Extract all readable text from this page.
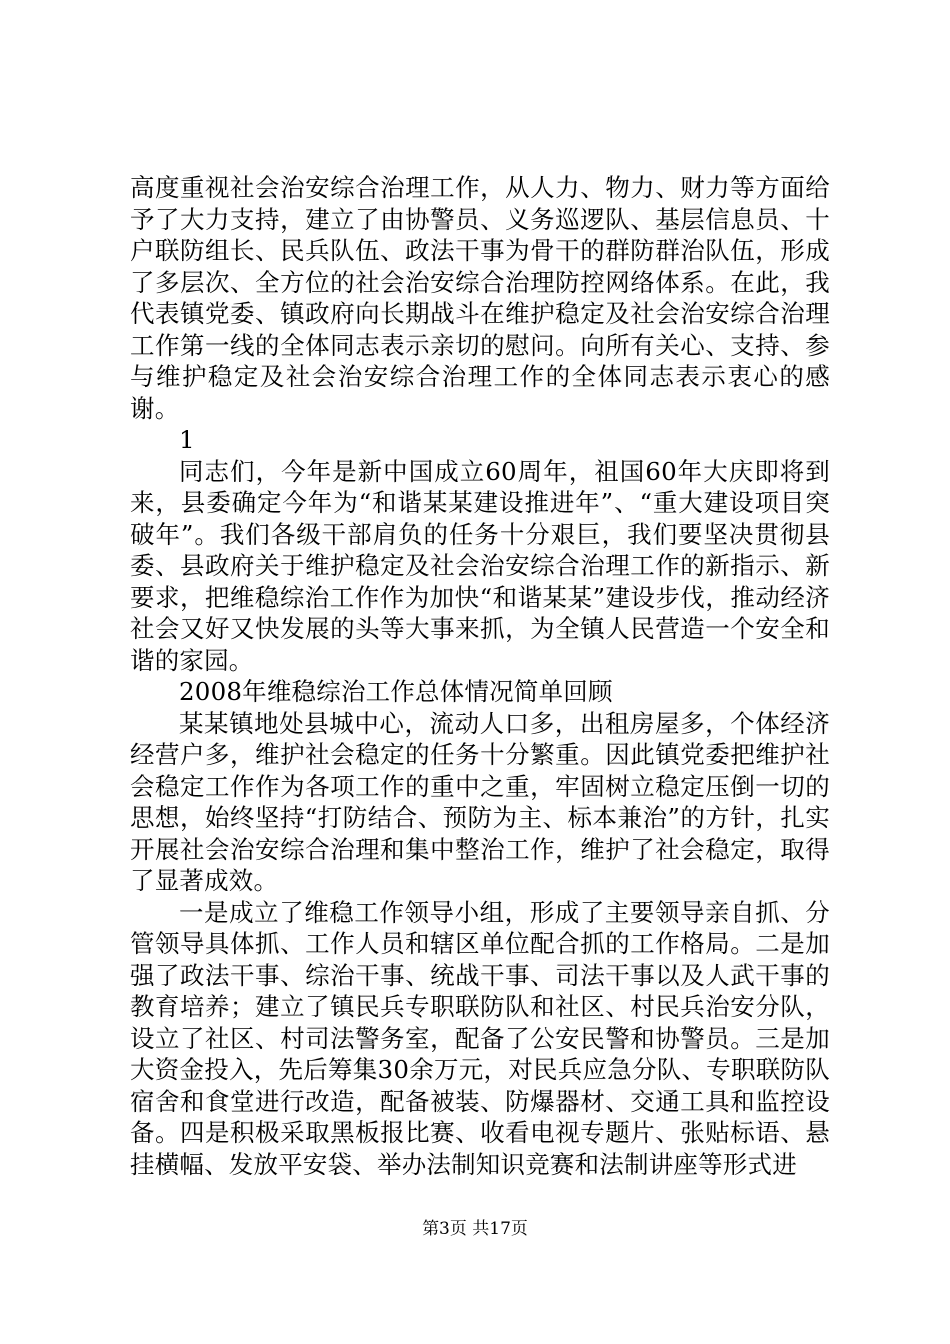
高度重视社会治安综合治理工作，从人力、物力、财力等方面给予了大力支持，建立了由协警员、义务巡逻队、基层信息员、十户联防组长、民兵队伍、政法干事为骨干的群防群治队伍，形成了多层次、全方位的社会治安综合治理防控网络体系。在此，我代表镇党委、镇政府向长期战斗在维护稳定及社会治安综合治理工作第一线的全体同志表示亲切的慰问。向所有关心、支持、参与维护稳定及社会治安综合治理工作的全体同志表示衷心的感谢。

1

同志们，今年是新中国成立60周年，祖国60年大庆即将到来，县委确定今年为“和谐某某建设推进年”、“重大建设项目突破年”。我们各级干部肩负的任务十分艰巨，我们要坚决贯彻县委、县政府关于维护稳定及社会治安综合治理工作的新指示、新要求，把维稳综治工作作为加快“和谐某某”建设步伐，推动经济社会又好又快发展的头等大事来抓，为全镇人民营造一个安全和谐的家园。

2008年维稳综治工作总体情况简单回顾

某某镇地处县城中心，流动人口多，出租房屋多，个体经济经营户多，维护社会稳定的任务十分繁重。因此镇党委把维护社会稳定工作作为各项工作的重中之重，牢固树立稳定压倒一切的思想，始终坚持“打防结合、预防为主、标本兼治”的方针，扎实开展社会治安综合治理和集中整治工作，维护了社会稳定，取得了显著成效。

一是成立了维稳工作领导小组，形成了主要领导亲自抓、分管领导具体抓、工作人员和辖区单位配合抓的工作格局。二是加强了政法干事、综治干事、统战干事、司法干事以及人武干事的教育培养；建立了镇民兵专职联防队和社区、村民兵治安分队，设立了社区、村司法警务室，配备了公安民警和协警员。三是加大资金投入，先后筹集30余万元，对民兵应急分队、专职联防队宿舍和食堂进行改造，配备被装、防爆器材、交通工具和监控设备。四是积极采取黑板报比赛、收看电视专题片、张贴标语、悬挂横幅、发放平安袋、举办法制知识竞赛和法制讲座等形式进

第3页 共17页
